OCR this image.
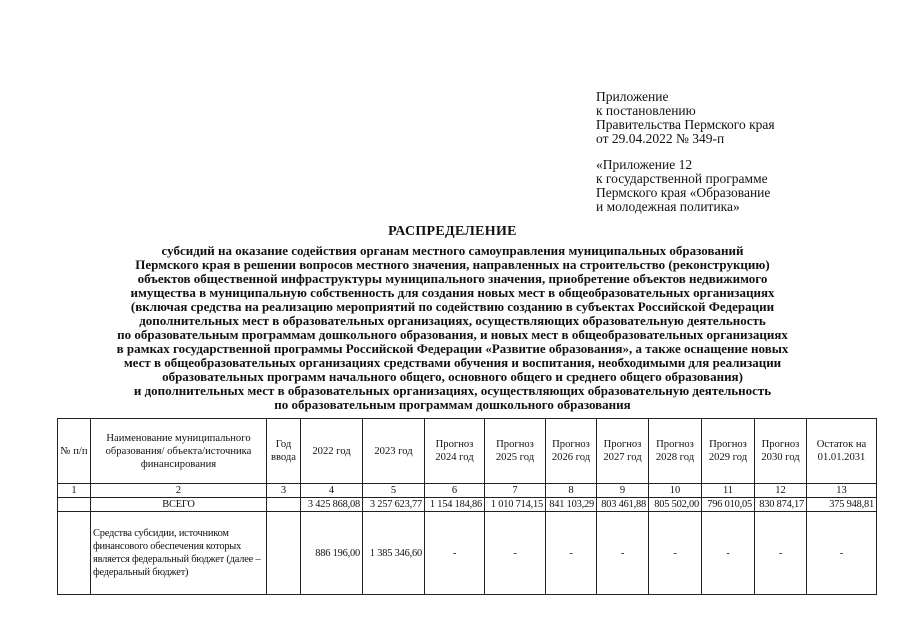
Приложение
к постановлению
Правительства Пермского края
от 29.04.2022 № 349-п
«Приложение 12
к государственной программе
Пермского края «Образование
и молодежная политика»
РАСПРЕДЕЛЕНИЕ
субсидий на оказание содействия органам местного самоуправления муниципальных образований
Пермского края в решении вопросов местного значения, направленных на строительство (реконструкцию)
объектов общественной инфраструктуры муниципального значения, приобретение объектов недвижимого
имущества в муниципальную собственность для создания новых мест в общеобразовательных организациях
(включая средства на реализацию мероприятий по содействию созданию в субъектах Российской Федерации
дополнительных мест в образовательных организациях, осуществляющих образовательную деятельность
по образовательным программам дошкольного образования, и новых мест в общеобразовательных организациях
в рамках государственной программы Российской Федерации «Развитие образования», а также оснащение новых
мест в общеобразовательных организациях средствами обучения и воспитания, необходимыми для реализации
образовательных программ начального общего, основного общего и среднего общего образования)
и дополнительных мест в образовательных организациях, осуществляющих образовательную деятельность
по образовательным программам дошкольного образования
№ п/п	Наименование муниципального образования/ объекта/источника финансирования	Год ввода	2022 год	2023 год	Прогноз 2024 год	Прогноз 2025 год	Прогноз 2026 год	Прогноз 2027 год	Прогноз 2028 год	Прогноз 2029 год	Прогноз 2030 год	Остаток на 01.01.2031
1	2	3	4	5	6	7	8	9	10	11	12	13
	ВСЕГО		3 425 868,08	3 257 623,77	1 154 184,86	1 010 714,15	841 103,29	803 461,88	805 502,00	796 010,05	830 874,17	375 948,81
	Средства субсидии, источником финансового обеспечения которых является федеральный бюджет (далее – федеральный бюджет)		886 196,00	1 385 346,60	-	-	-	-	-	-	-	-
